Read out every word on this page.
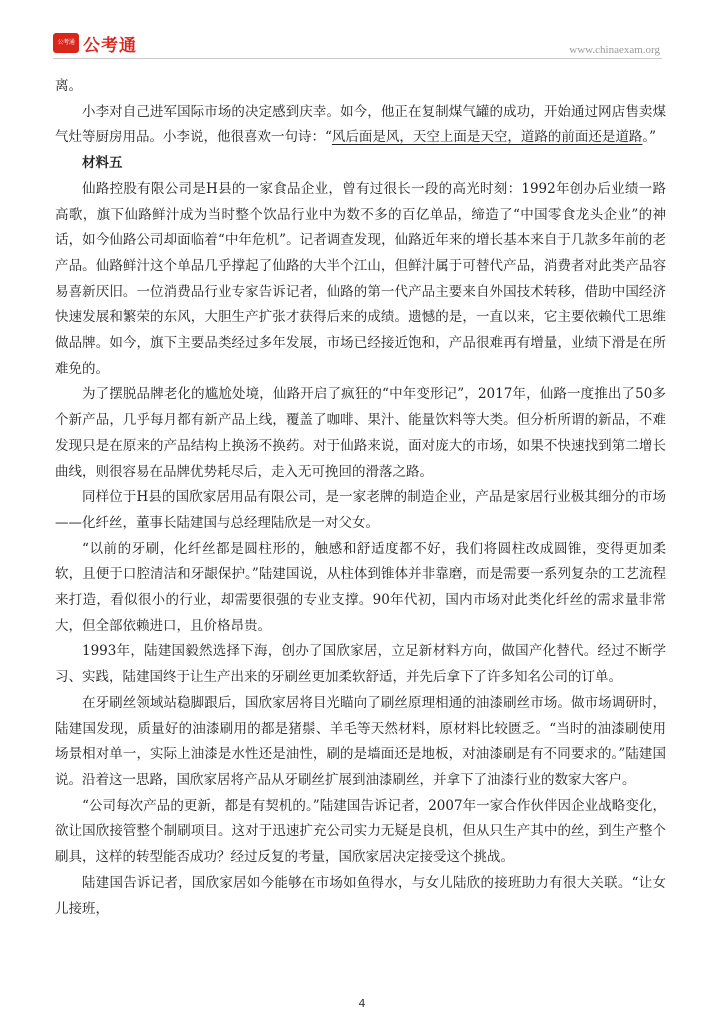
公考通 公考通	www.chinaexam.org

离。

小李对自己进军国际市场的决定感到庆幸。如今，他正在复制煤气罐的成功，开始通过网店售卖煤气灶等厨房用品。小李说，他很喜欢一句诗：“风后面是风，天空上面是天空，道路的前面还是道路。”

材料五

仙路控股有限公司是H县的一家食品企业，曾有过很长一段的高光时刻：1992年创办后业绩一路高歌，旗下仙路鲜汁成为当时整个饮品行业中为数不多的百亿单品，缔造了“中国零食龙头企业”的神话，如今仙路公司却面临着“中年危机”。记者调查发现，仙路近年来的增长基本来自于几款多年前的老产品。仙路鲜汁这个单品几乎撑起了仙路的大半个江山，但鲜汁属于可替代产品，消费者对此类产品容易喜新厌旧。一位消费品行业专家告诉记者，仙路的第一代产品主要来自外国技术转移，借助中国经济快速发展和繁荣的东风，大胆生产扩张才获得后来的成绩。遗憾的是，一直以来，它主要依赖代工思维做品牌。如今，旗下主要品类经过多年发展，市场已经接近饱和，产品很难再有增量，业绩下滑是在所难免的。

为了摆脱品牌老化的尴尬处境，仙路开启了疯狂的“中年变形记”，2017年，仙路一度推出了50多个新产品，几乎每月都有新产品上线，覆盖了咖啡、果汁、能量饮料等大类。但分析所谓的新品，不难发现只是在原来的产品结构上换汤不换药。对于仙路来说，面对庞大的市场，如果不快速找到第二增长曲线，则很容易在品牌优势耗尽后，走入无可挽回的滑落之路。

同样位于H县的国欣家居用品有限公司，是一家老牌的制造企业，产品是家居行业极其细分的市场——化纤丝，董事长陆建国与总经理陆欣是一对父女。

“以前的牙刷，化纤丝都是圆柱形的，触感和舒适度都不好，我们将圆柱改成圆锥，变得更加柔软，且便于口腔清洁和牙龈保护。”陆建国说，从柱体到锥体并非靠磨，而是需要一系列复杂的工艺流程来打造，看似很小的行业，却需要很强的专业支撑。90年代初，国内市场对此类化纤丝的需求量非常大，但全部依赖进口，且价格昂贵。

1993年，陆建国毅然选择下海，创办了国欣家居，立足新材料方向，做国产化替代。经过不断学习、实践，陆建国终于让生产出来的牙刷丝更加柔软舒适，并先后拿下了许多知名公司的订单。

在牙刷丝领域站稳脚跟后，国欣家居将目光瞄向了刷丝原理相通的油漆刷丝市场。做市场调研时，陆建国发现，质量好的油漆刷用的都是猪鬃、羊毛等天然材料，原材料比较匮乏。“当时的油漆刷使用场景相对单一，实际上油漆是水性还是油性，刷的是墙面还是地板，对油漆刷是有不同要求的。”陆建国说。沿着这一思路，国欣家居将产品从牙刷丝扩展到油漆刷丝，并拿下了油漆行业的数家大客户。

“公司每次产品的更新，都是有契机的。”陆建国告诉记者，2007年一家合作伙伴因企业战略变化，欲让国欣接管整个制刷项目。这对于迅速扩充公司实力无疑是良机，但从只生产其中的丝，到生产整个刷具，这样的转型能否成功？经过反复的考量，国欣家居决定接受这个挑战。

陆建国告诉记者，国欣家居如今能够在市场如鱼得水，与女儿陆欣的接班助力有很大关联。“让女儿接班，

4
